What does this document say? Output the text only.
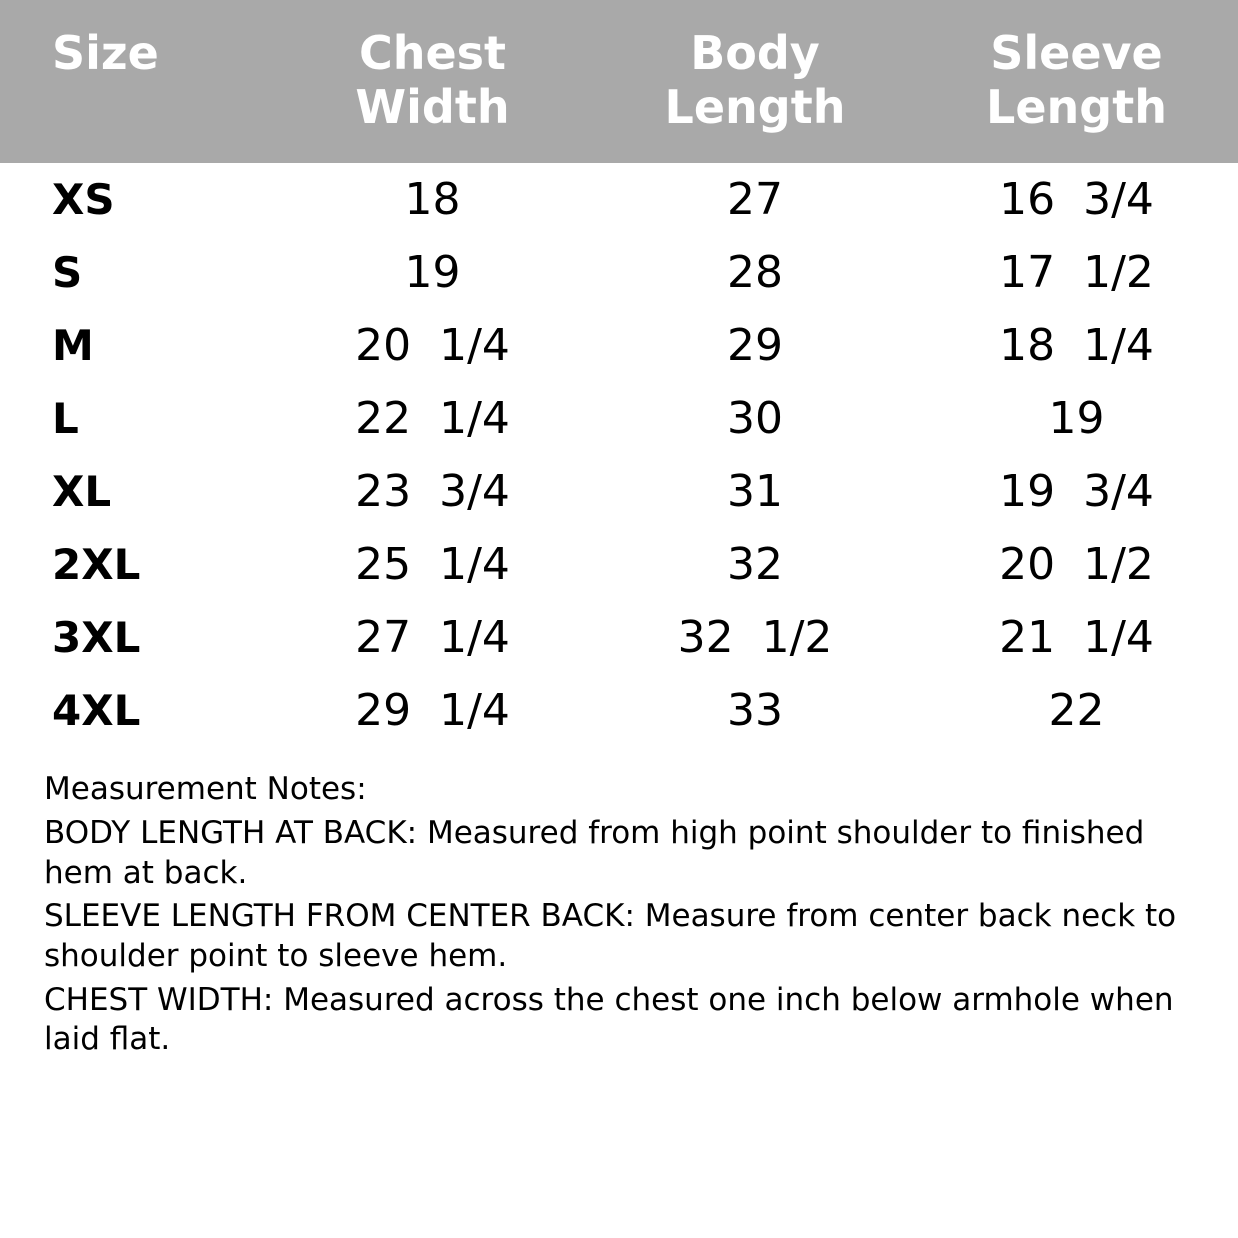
Size	Chest Width	Body Length	Sleeve Length
XS	18	27	16  3/4
S	19	28	17  1/2
M	20  1/4	29	18  1/4
L	22  1/4	30	19
XL	23  3/4	31	19  3/4
2XL	25  1/4	32	20  1/2
3XL	27  1/4	32  1/2	21  1/4
4XL	29  1/4	33	22
Measurement Notes:
BODY LENGTH AT BACK: Measured from high point shoulder to finished hem at back.
SLEEVE LENGTH FROM CENTER BACK: Measure from center back neck to shoulder point to sleeve hem.
CHEST WIDTH: Measured across the chest one inch below armhole when laid flat.
